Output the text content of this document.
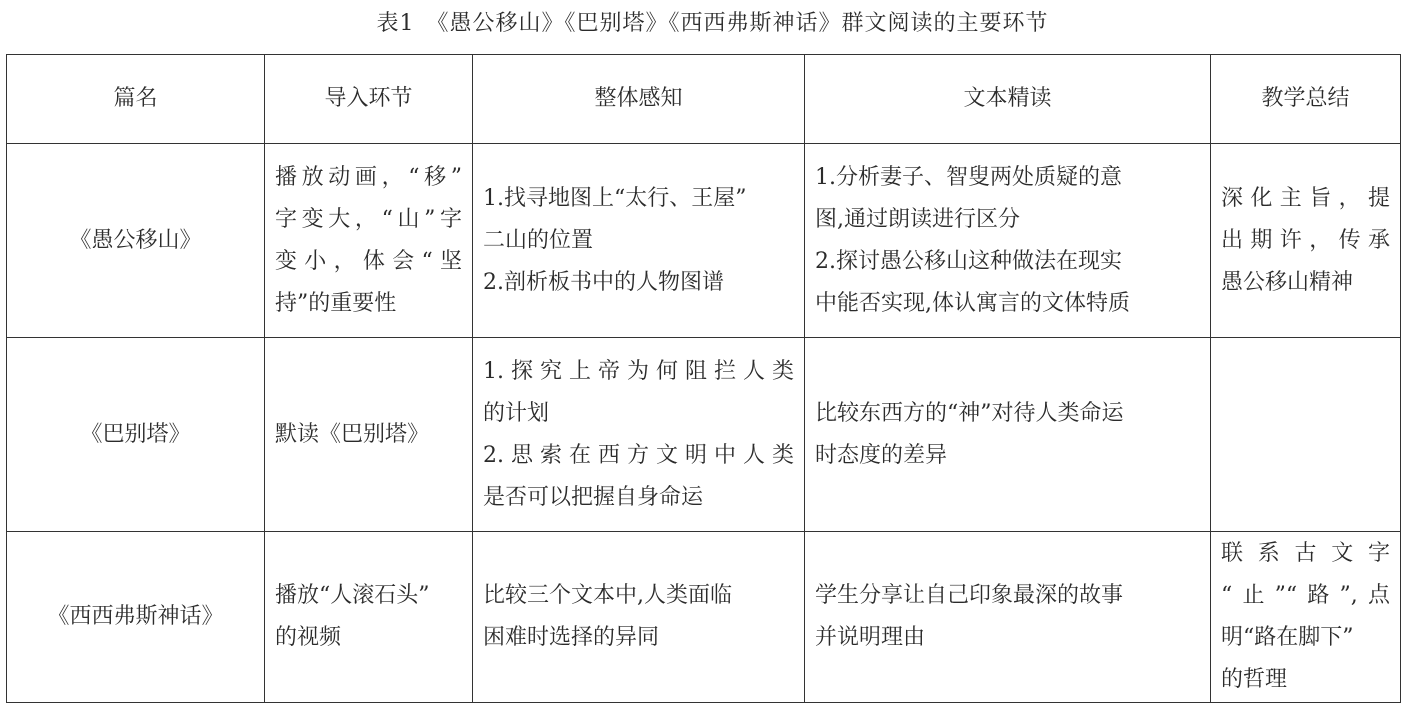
表1　《愚公移山》《巴别塔》《西西弗斯神话》群文阅读的主要环节
篇名	导入环节	整体感知	文本精读	教学总结
《愚公移山》	播放动画，“移”
字变大，“山”字
变小，体会“坚
持”的重要性	1.找寻地图上“太行、王屋”
二山的位置
2.剖析板书中的人物图谱	1.分析妻子、智叟两处质疑的意
图,通过朗读进行区分
2.探讨愚公移山这种做法在现实
中能否实现,体认寓言的文体特质	深化主旨，提
出期许，传承
愚公移山精神

《巴别塔》	默读《巴别塔》	1.探究上帝为何阻拦人类
的计划
2.思索在西方文明中人类
是否可以把握自身命运	比较东西方的“神”对待人类命运
时态度的差异	

《西西弗斯神话》	播放“人滚石头”
的视频	比较三个文本中,人类面临
困难时选择的异同	学生分享让自己印象最深的故事
并说明理由	联系古文字
“止”“路”,点
明“路在脚下”
的哲理
